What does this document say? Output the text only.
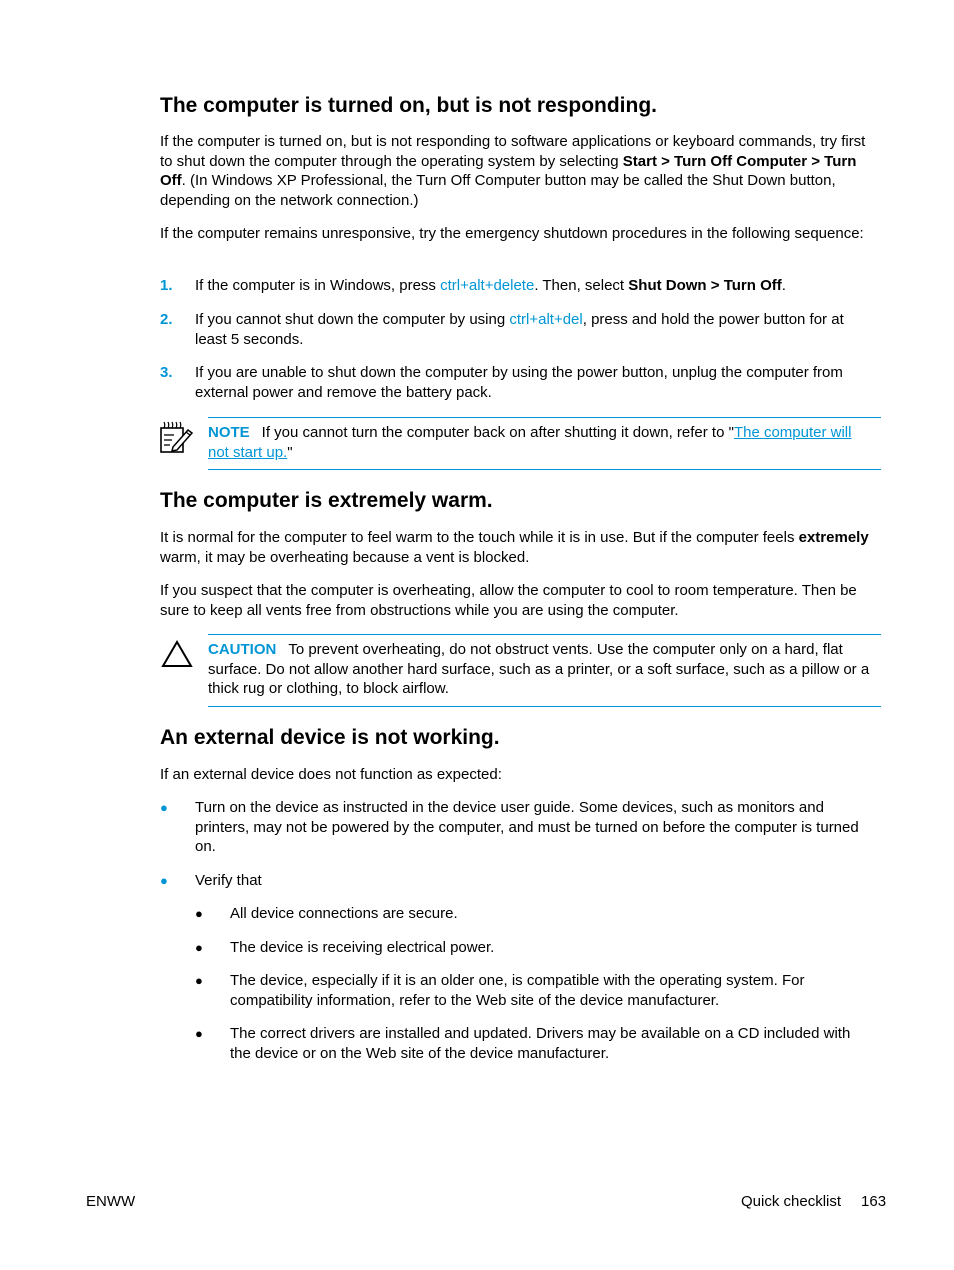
The computer is turned on, but is not responding.

If the computer is turned on, but is not responding to software applications or keyboard commands, try first to shut down the computer through the operating system by selecting Start > Turn Off Computer > Turn Off. (In Windows XP Professional, the Turn Off Computer button may be called the Shut Down button, depending on the network connection.)

If the computer remains unresponsive, try the emergency shutdown procedures in the following sequence:

1. If the computer is in Windows, press ctrl+alt+delete. Then, select Shut Down > Turn Off.
2. If you cannot shut down the computer by using ctrl+alt+del, press and hold the power button for at least 5 seconds.
3. If you are unable to shut down the computer by using the power button, unplug the computer from external power and remove the battery pack.
NOTE If you cannot turn the computer back on after shutting it down, refer to "The computer will not start up."
The computer is extremely warm.

It is normal for the computer to feel warm to the touch while it is in use. But if the computer feels extremely warm, it may be overheating because a vent is blocked.

If you suspect that the computer is overheating, allow the computer to cool to room temperature. Then be sure to keep all vents free from obstructions while you are using the computer.

CAUTION To prevent overheating, do not obstruct vents. Use the computer only on a hard, flat surface. Do not allow another hard surface, such as a printer, or a soft surface, such as a pillow or a thick rug or clothing, to block airflow.
An external device is not working.

If an external device does not function as expected:

● Turn on the device as instructed in the device user guide. Some devices, such as monitors and printers, may not be powered by the computer, and must be turned on before the computer is turned on.
● Verify that
● All device connections are secure.
● The device is receiving electrical power.
● The device, especially if it is an older one, is compatible with the operating system. For compatibility information, refer to the Web site of the device manufacturer.
● The correct drivers are installed and updated. Drivers may be available on a CD included with the device or on the Web site of the device manufacturer.
ENWW	Quick checklist 163
